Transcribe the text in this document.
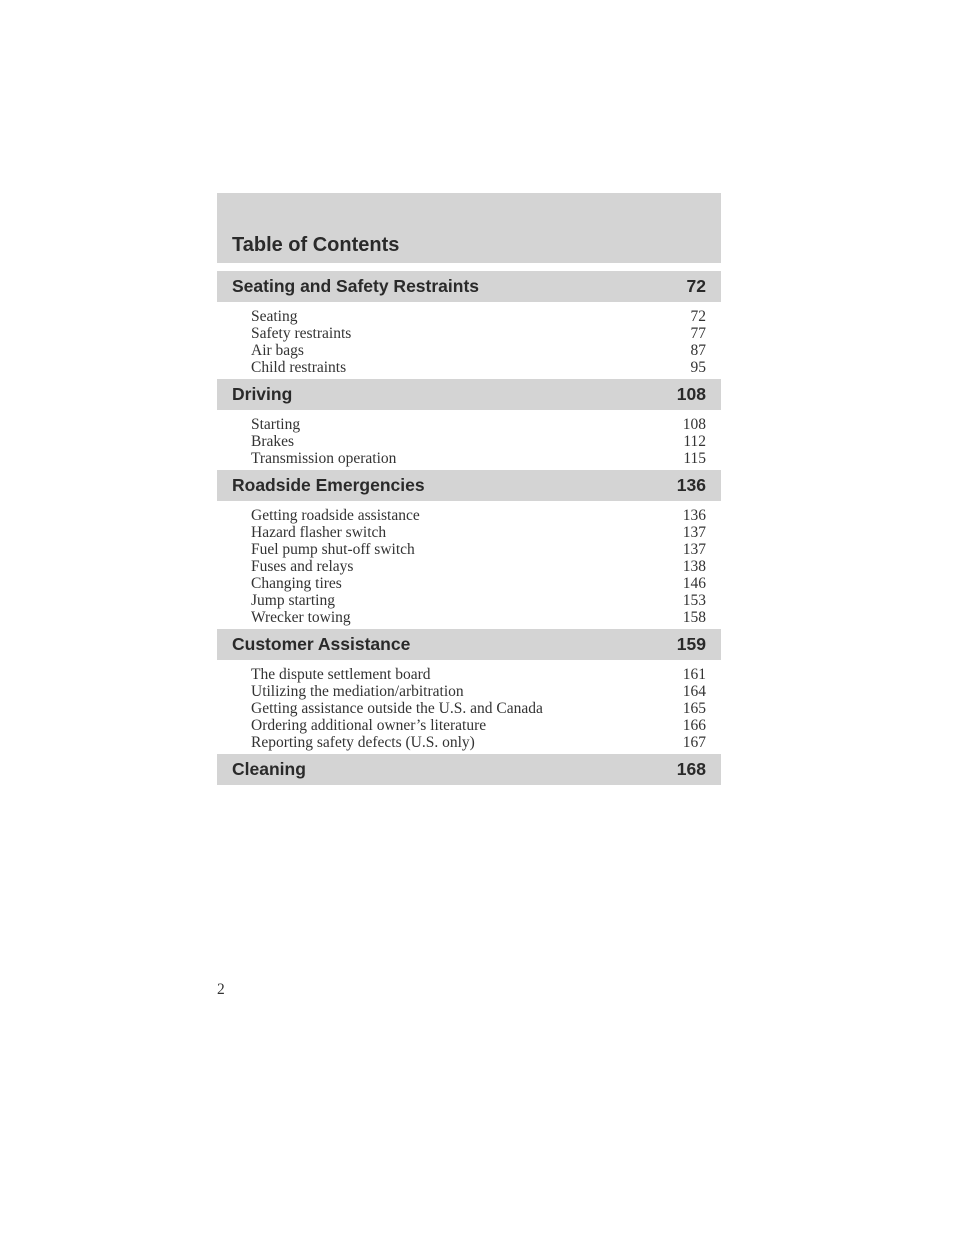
Table of Contents
Seating and Safety Restraints	72
Seating	72
Safety restraints	77
Air bags	87
Child restraints	95
Driving	108
Starting	108
Brakes	112
Transmission operation	115
Roadside Emergencies	136
Getting roadside assistance	136
Hazard flasher switch	137
Fuel pump shut-off switch	137
Fuses and relays	138
Changing tires	146
Jump starting	153
Wrecker towing	158
Customer Assistance	159
The dispute settlement board	161
Utilizing the mediation/arbitration	164
Getting assistance outside the U.S. and Canada	165
Ordering additional owner’s literature	166
Reporting safety defects (U.S. only)	167
Cleaning	168
2
